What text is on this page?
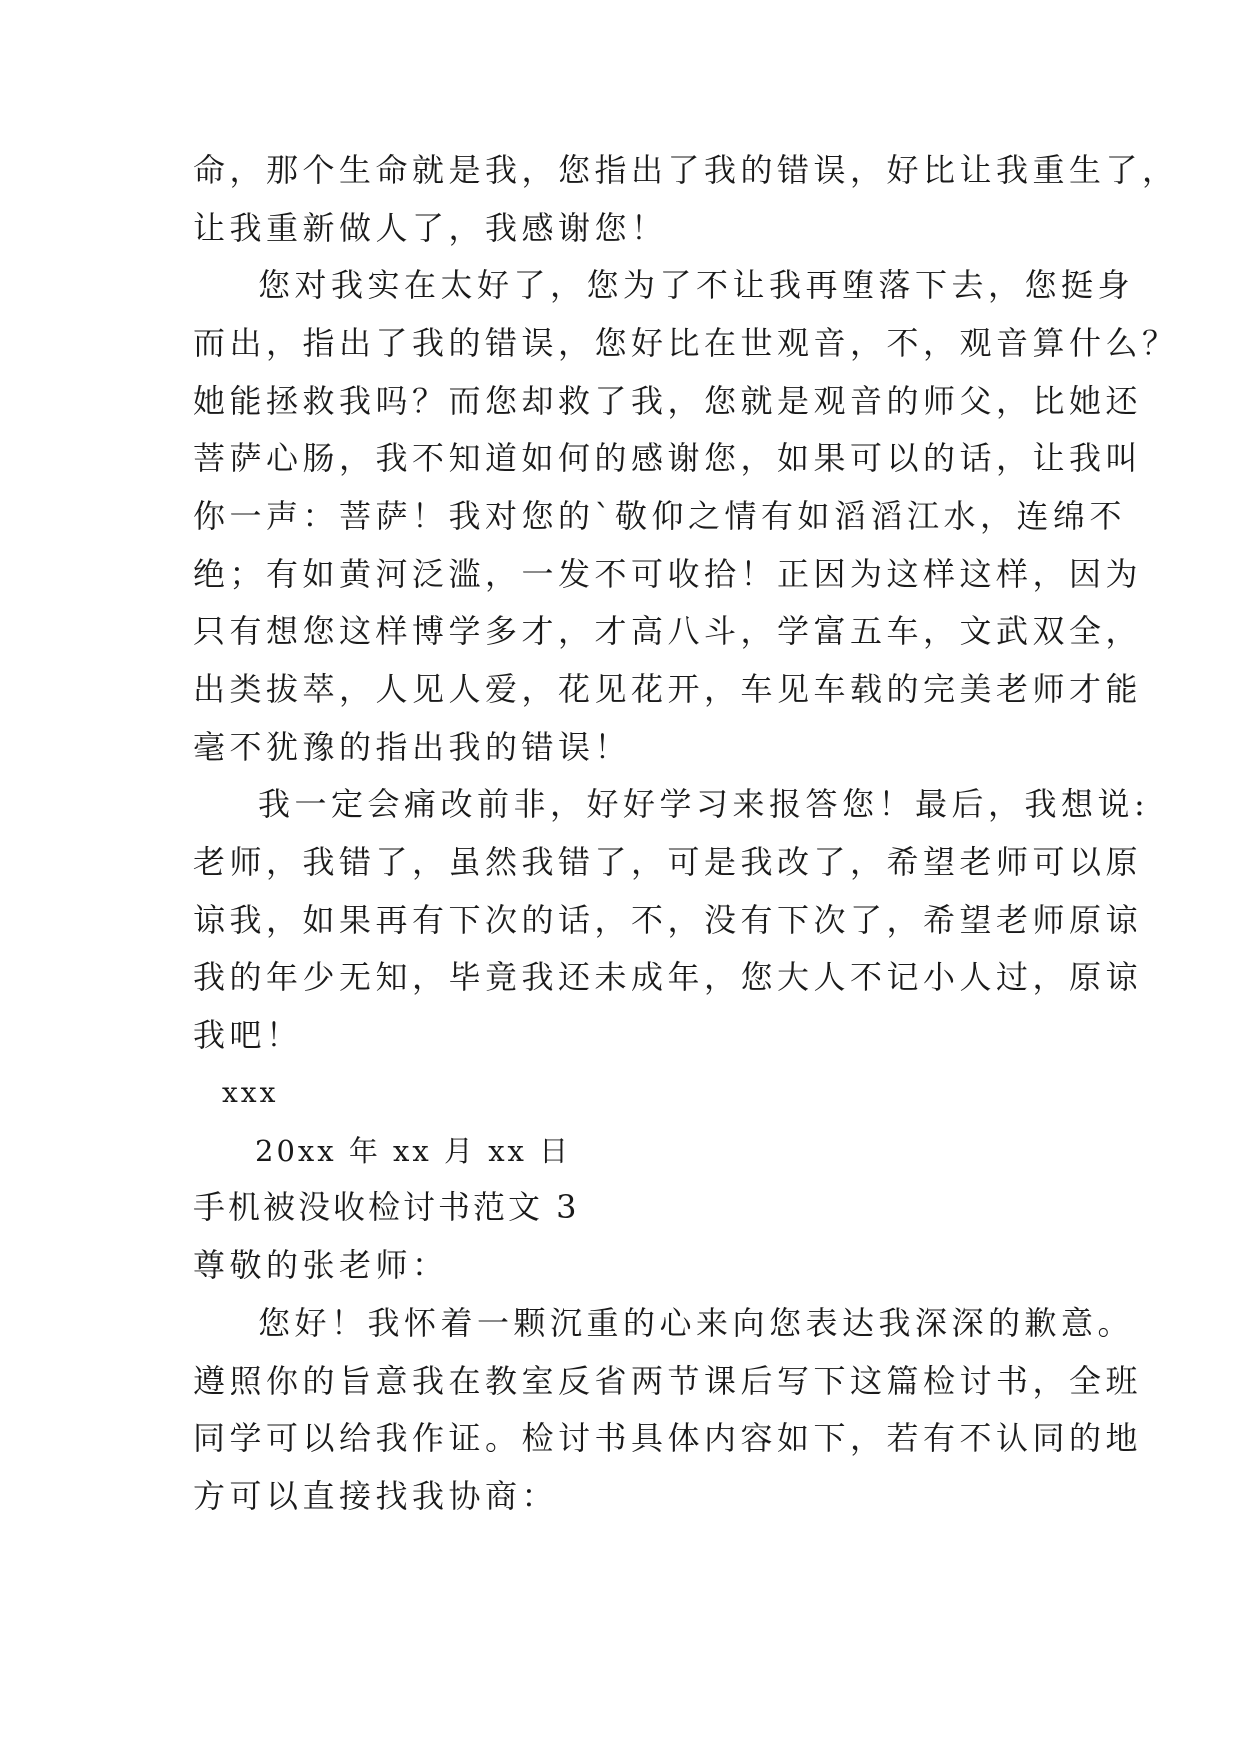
命，那个生命就是我，您指出了我的错误，好比让我重生了，
让我重新做人了，我感谢您！
您对我实在太好了，您为了不让我再堕落下去，您挺身
而出，指出了我的错误，您好比在世观音，不，观音算什么？
她能拯救我吗？而您却救了我，您就是观音的师父，比她还
菩萨心肠，我不知道如何的感谢您，如果可以的话，让我叫
你一声：菩萨！我对您的`敬仰之情有如滔滔江水，连绵不
绝；有如黄河泛滥，一发不可收拾！正因为这样这样，因为
只有想您这样博学多才，才高八斗，学富五车，文武双全，
出类拔萃，人见人爱，花见花开，车见车载的完美老师才能
毫不犹豫的指出我的错误！
我一定会痛改前非，好好学习来报答您！最后，我想说:
老师，我错了，虽然我错了，可是我改了，希望老师可以原
谅我，如果再有下次的话，不，没有下次了，希望老师原谅
我的年少无知，毕竟我还未成年，您大人不记小人过，原谅
我吧！
xxx
20xx 年 xx 月 xx 日
手机被没收检讨书范文 3
尊敬的张老师：
您好！我怀着一颗沉重的心来向您表达我深深的歉意。
遵照你的旨意我在教室反省两节课后写下这篇检讨书，全班
同学可以给我作证。检讨书具体内容如下，若有不认同的地
方可以直接找我协商：
